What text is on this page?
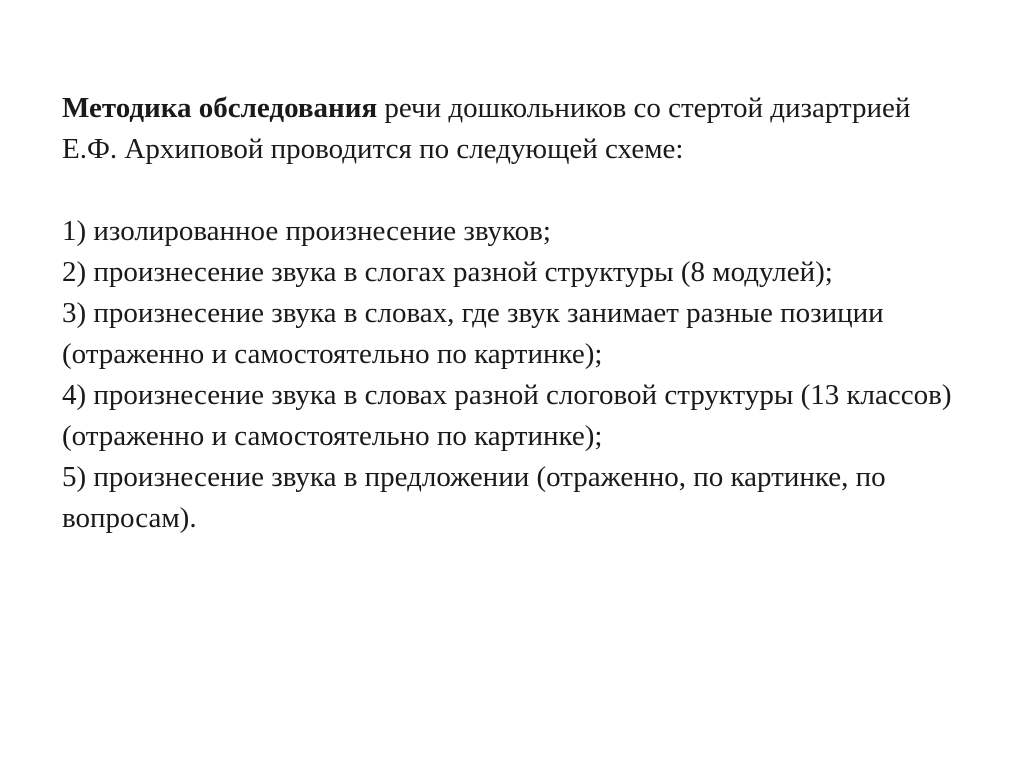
Методика обследования речи дошкольников со стертой дизартрией Е.Ф. Архиповой проводится по следующей схеме:

1) изолированное произнесение звуков;
2) произнесение звука в слогах разной структуры (8 модулей);
3) произнесение звука в словах, где звук занимает разные позиции (отраженно и самостоятельно по картинке);
4) произнесение звука в словах разной слоговой структуры (13 классов) (отраженно и самостоятельно по картинке);
5) произнесение звука в предложении (отраженно, по картинке, по вопросам).
